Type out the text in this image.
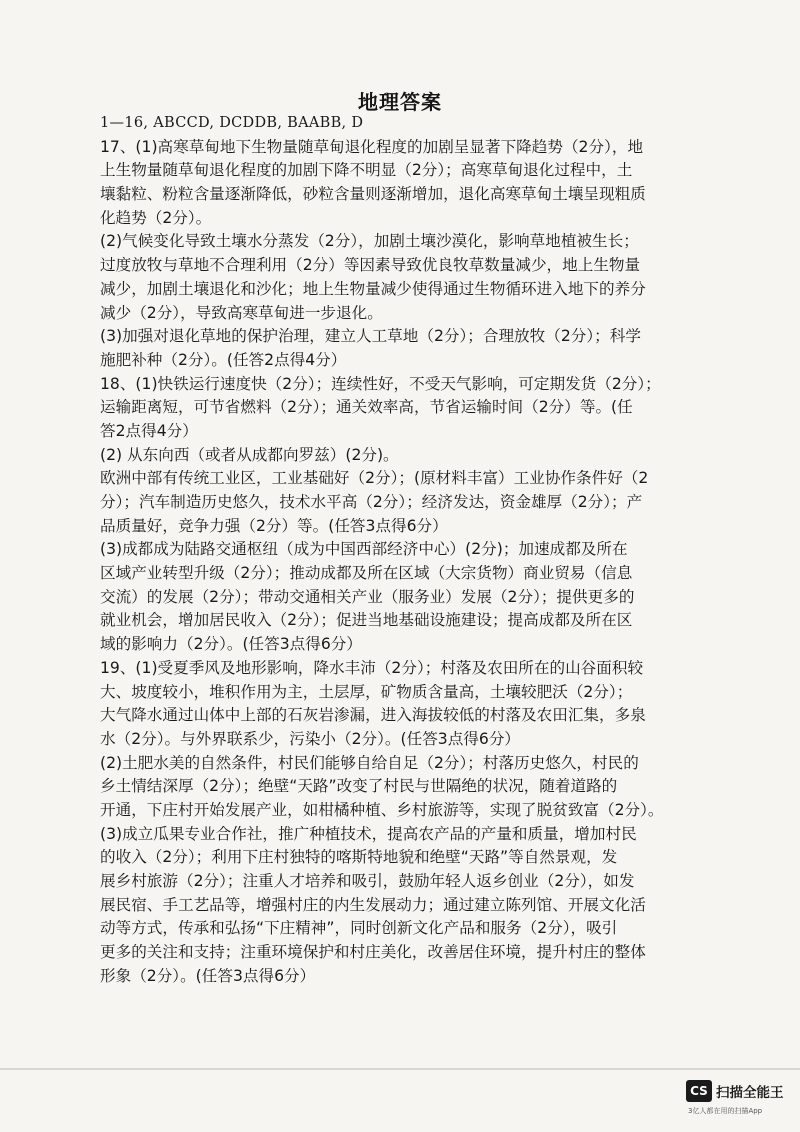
地理答案
1—16, ABCCD, DCDDB, BAABB, D
17、(1)高寒草甸地下生物量随草甸退化程度的加剧呈显著下降趋势（2分），地
上生物量随草甸退化程度的加剧下降不明显（2分）；高寒草甸退化过程中，土
壤黏粒、粉粒含量逐渐降低，砂粒含量则逐渐增加，退化高寒草甸土壤呈现粗质
化趋势（2分）。
(2)气候变化导致土壤水分蒸发（2分），加剧土壤沙漠化，影响草地植被生长；
过度放牧与草地不合理利用（2分）等因素导致优良牧草数量减少，地上生物量
减少，加剧土壤退化和沙化；地上生物量减少使得通过生物循环进入地下的养分
减少（2分），导致高寒草甸进一步退化。
(3)加强对退化草地的保护治理，建立人工草地（2分）；合理放牧（2分）；科学
施肥补种（2分）。(任答2点得4分）
18、(1)快铁运行速度快（2分）；连续性好，不受天气影响，可定期发货（2分）；
运输距离短，可节省燃料（2分）；通关效率高，节省运输时间（2分）等。(任
答2点得4分）
(2) 从东向西（或者从成都向罗兹）(2分)。
欧洲中部有传统工业区，工业基础好（2分）；(原材料丰富）工业协作条件好（2
分）；汽车制造历史悠久，技术水平高（2分）；经济发达，资金雄厚（2分）；产
品质量好，竞争力强（2分）等。(任答3点得6分）
(3)成都成为陆路交通枢纽（成为中国西部经济中心）(2分)；加速成都及所在
区域产业转型升级（2分）；推动成都及所在区域（大宗货物）商业贸易（信息
交流）的发展（2分）；带动交通相关产业（服务业）发展（2分）；提供更多的
就业机会，增加居民收入（2分）；促进当地基础设施建设；提高成都及所在区
域的影响力（2分）。(任答3点得6分）
19、(1)受夏季风及地形影响，降水丰沛（2分）；村落及农田所在的山谷面积较
大、坡度较小，堆积作用为主，土层厚，矿物质含量高，土壤较肥沃（2分）；
大气降水通过山体中上部的石灰岩渗漏，进入海拔较低的村落及农田汇集，多泉
水（2分）。与外界联系少，污染小（2分）。(任答3点得6分）
(2)土肥水美的自然条件，村民们能够自给自足（2分）；村落历史悠久，村民的
乡土情结深厚（2分）；绝壁“天路”改变了村民与世隔绝的状况，随着道路的
开通，下庄村开始发展产业，如柑橘种植、乡村旅游等，实现了脱贫致富（2分）。
(3)成立瓜果专业合作社，推广种植技术，提高农产品的产量和质量，增加村民
的收入（2分）；利用下庄村独特的喀斯特地貌和绝壁“天路”等自然景观，发
展乡村旅游（2分）；注重人才培养和吸引，鼓励年轻人返乡创业（2分），如发
展民宿、手工艺品等，增强村庄的内生发展动力；通过建立陈列馆、开展文化活
动等方式，传承和弘扬“下庄精神”，同时创新文化产品和服务（2分），吸引
更多的关注和支持；注重环境保护和村庄美化，改善居住环境，提升村庄的整体
形象（2分）。(任答3点得6分）
CS 扫描全能王
3亿人都在用的扫描App
